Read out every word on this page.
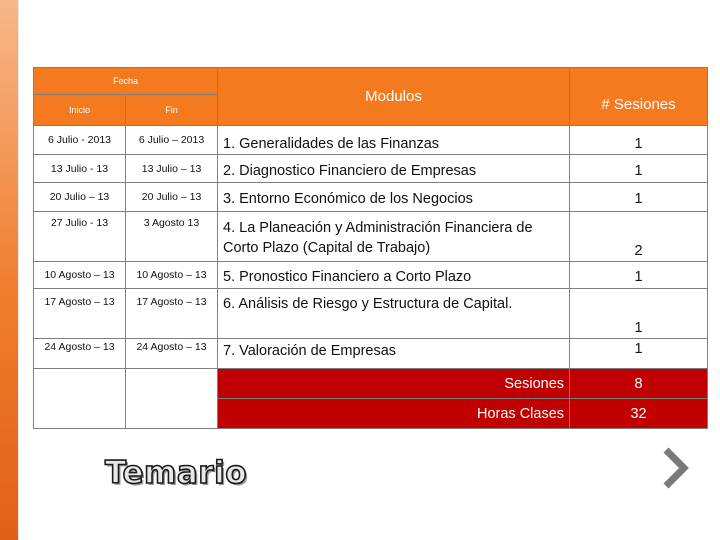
Fecha		Modulos	# Sesiones
Inicio	Fin		
6 Julio - 2013	6 Julio – 2013	1. Generalidades de las Finanzas	1
13 Julio - 13	13 Julio – 13	2. Diagnostico Financiero de Empresas	1
20 Julio – 13	20 Julio – 13	3. Entorno Económico de los Negocios	1
27 Julio - 13	3 Agosto 13	4. La Planeación y Administración Financiera de Corto Plazo (Capital de Trabajo)	2
10 Agosto – 13	10 Agosto – 13	5. Pronostico Financiero a Corto Plazo	1
17 Agosto – 13	17 Agosto – 13	6. Análisis de Riesgo y Estructura de Capital.	1
24 Agosto – 13	24 Agosto – 13	7. Valoración de Empresas	1
		Sesiones	8
		Horas Clases	32
Temario
